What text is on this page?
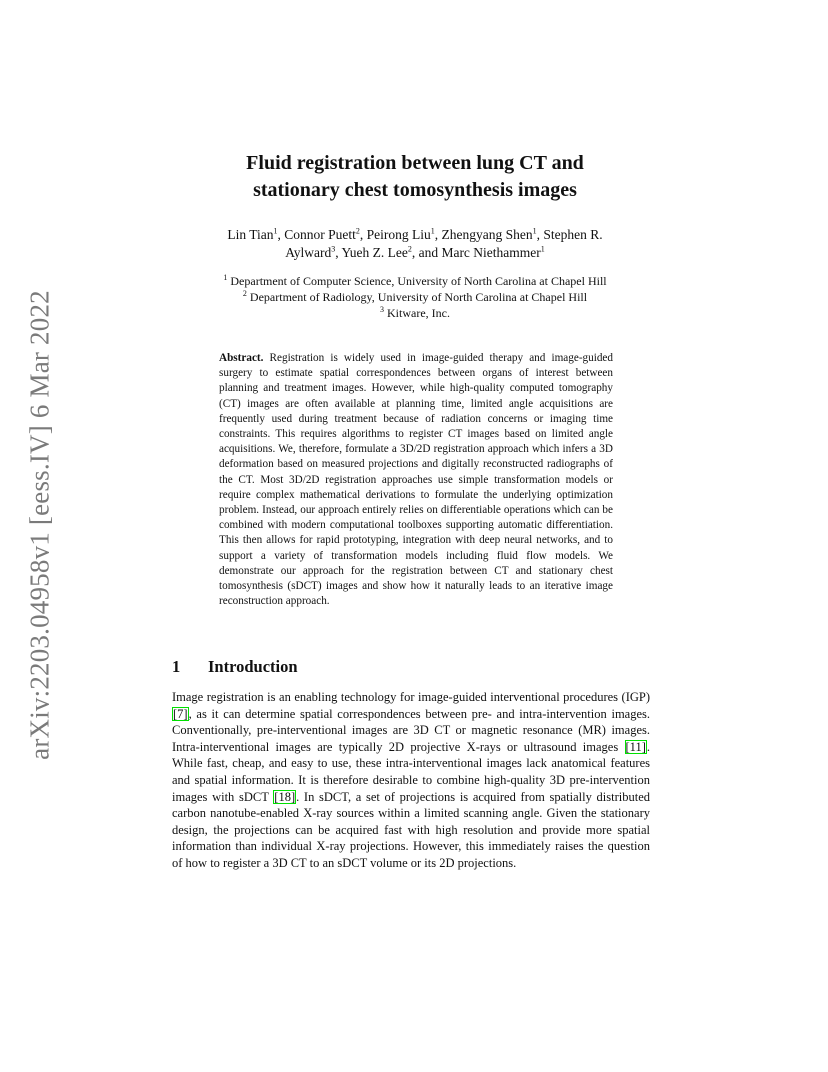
arXiv:2203.04958v1 [eess.IV] 6 Mar 2022
Fluid registration between lung CT and
stationary chest tomosynthesis images
Lin Tian$^1$, Connor Puett$^2$, Peirong Liu$^1$, Zhengyang Shen$^1$, Stephen R.
Aylward$^3$, Yueh Z. Lee$^2$, and Marc Niethammer$^1$
$^1$ Department of Computer Science, University of North Carolina at Chapel Hill
$^2$ Department of Radiology, University of North Carolina at Chapel Hill
$^3$ Kitware, Inc.
Abstract. Registration is widely used in image-guided therapy and image-guided surgery to estimate spatial correspondences between organs of interest between planning and treatment images. However, while high-quality computed tomography (CT) images are often available at planning time, limited angle acquisitions are frequently used during treatment because of radiation concerns or imaging time constraints. This requires algorithms to register CT images based on limited angle acquisitions. We, therefore, formulate a 3D/2D registration approach which infers a 3D deformation based on measured projections and digitally reconstructed radiographs of the CT. Most 3D/2D registration approaches use simple transformation models or require complex mathematical derivations to formulate the underlying optimization problem. Instead, our approach entirely relies on differentiable operations which can be combined with modern computational toolboxes supporting automatic differentiation. This then allows for rapid prototyping, integration with deep neural networks, and to support a variety of transformation models including fluid flow models. We demonstrate our approach for the registration between CT and stationary chest tomosynthesis (sDCT) images and show how it naturally leads to an iterative image reconstruction approach.
1 Introduction
Image registration is an enabling technology for image-guided interventional procedures (IGP) [7], as it can determine spatial correspondences between pre- and intra-intervention images. Conventionally, pre-interventional images are 3D CT or magnetic resonance (MR) images. Intra-interventional images are typically 2D projective X-rays or ultrasound images [11]. While fast, cheap, and easy to use, these intra-interventional images lack anatomical features and spatial information. It is therefore desirable to combine high-quality 3D pre-intervention images with sDCT [18]. In sDCT, a set of projections is acquired from spatially distributed carbon nanotube-enabled X-ray sources within a limited scanning angle. Given the stationary design, the projections can be acquired fast with high resolution and provide more spatial information than individual X-ray projections. However, this immediately raises the question of how to register a 3D CT to an sDCT volume or its 2D projections.
